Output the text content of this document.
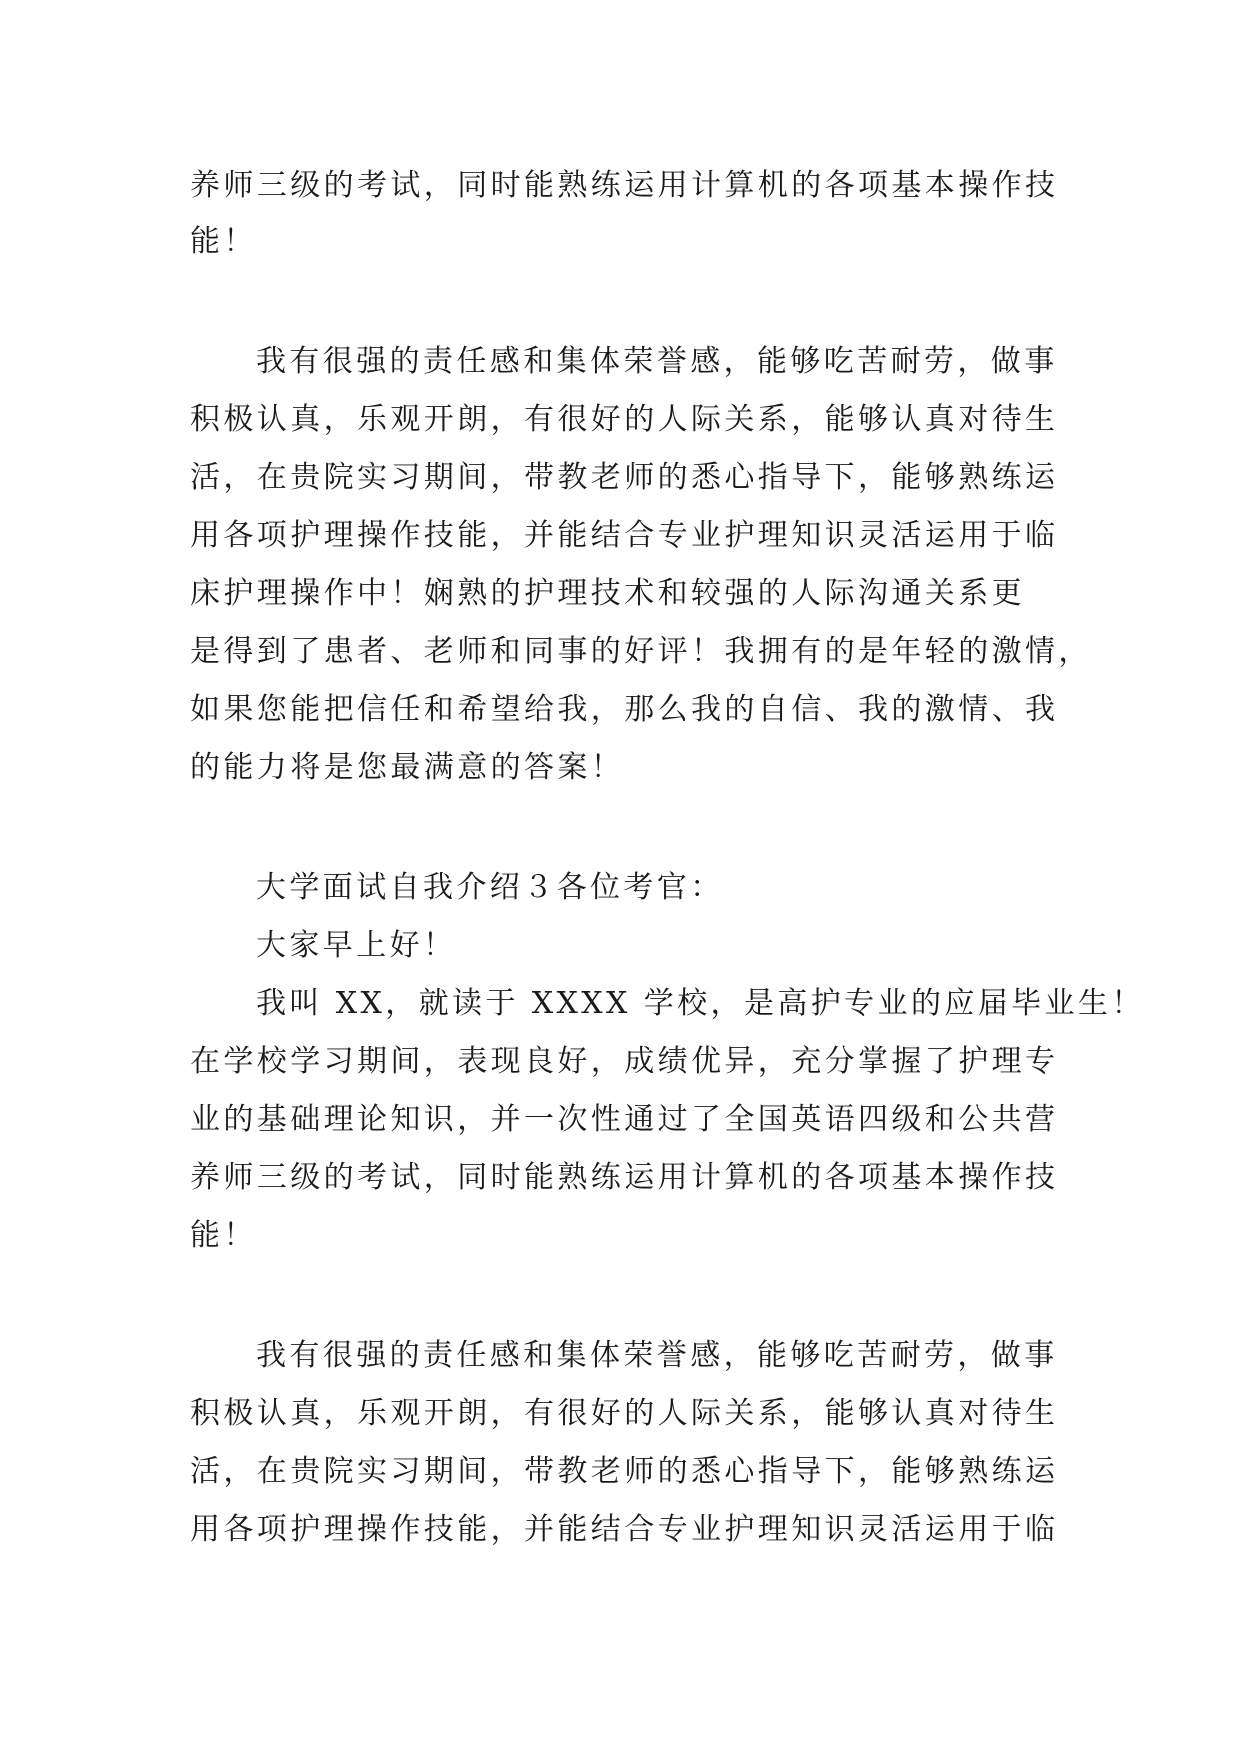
养师三级的考试，同时能熟练运用计算机的各项基本操作技
能！
我有很强的责任感和集体荣誉感，能够吃苦耐劳，做事
积极认真，乐观开朗，有很好的人际关系，能够认真对待生
活，在贵院实习期间，带教老师的悉心指导下，能够熟练运
用各项护理操作技能，并能结合专业护理知识灵活运用于临
床护理操作中！娴熟的护理技术和较强的人际沟通关系更
是得到了患者、老师和同事的好评！我拥有的是年轻的激情，
如果您能把信任和希望给我，那么我的自信、我的激情、我
的能力将是您最满意的答案！
大学面试自我介绍３各位考官：
大家早上好！
我叫 XX，就读于 XXXX 学校，是高护专业的应届毕业生！
在学校学习期间，表现良好，成绩优异，充分掌握了护理专
业的基础理论知识，并一次性通过了全国英语四级和公共营
养师三级的考试，同时能熟练运用计算机的各项基本操作技
能！
我有很强的责任感和集体荣誉感，能够吃苦耐劳，做事
积极认真，乐观开朗，有很好的人际关系，能够认真对待生
活，在贵院实习期间，带教老师的悉心指导下，能够熟练运
用各项护理操作技能，并能结合专业护理知识灵活运用于临
